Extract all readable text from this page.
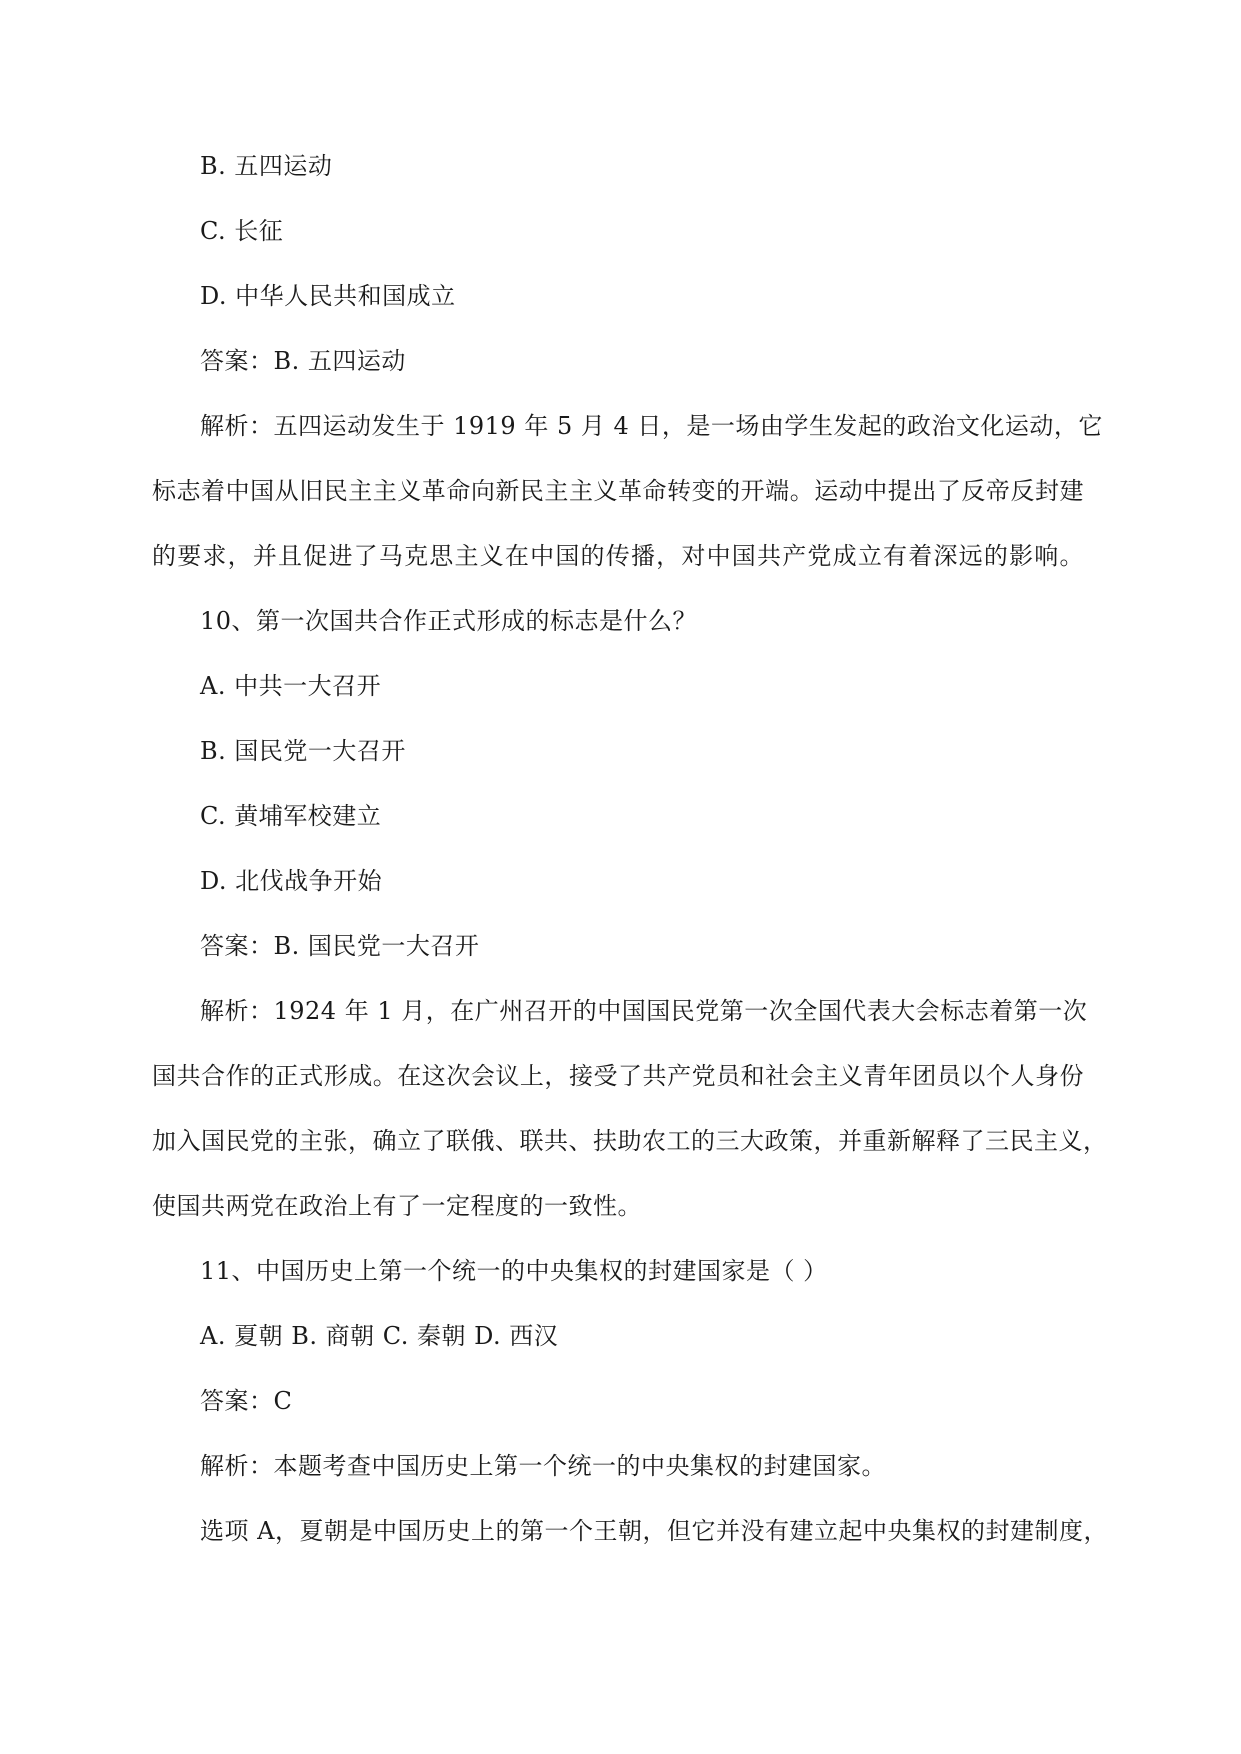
B. 五四运动
C. 长征
D. 中华人民共和国成立
答案：B. 五四运动
解析：五四运动发生于 1919 年 5 月 4 日，是一场由学生发起的政治文化运动，它
标志着中国从旧民主主义革命向新民主主义革命转变的开端。运动中提出了反帝反封建
的要求，并且促进了马克思主义在中国的传播，对中国共产党成立有着深远的影响。
10、第一次国共合作正式形成的标志是什么？
A. 中共一大召开
B. 国民党一大召开
C. 黄埔军校建立
D. 北伐战争开始
答案：B. 国民党一大召开
解析：1924 年 1 月，在广州召开的中国国民党第一次全国代表大会标志着第一次
国共合作的正式形成。在这次会议上，接受了共产党员和社会主义青年团员以个人身份
加入国民党的主张，确立了联俄、联共、扶助农工的三大政策，并重新解释了三民主义，
使国共两党在政治上有了一定程度的一致性。
11、中国历史上第一个统一的中央集权的封建国家是（ ）
A. 夏朝 B. 商朝 C. 秦朝 D. 西汉
答案：C
解析：本题考查中国历史上第一个统一的中央集权的封建国家。
选项 A，夏朝是中国历史上的第一个王朝，但它并没有建立起中央集权的封建制度，
